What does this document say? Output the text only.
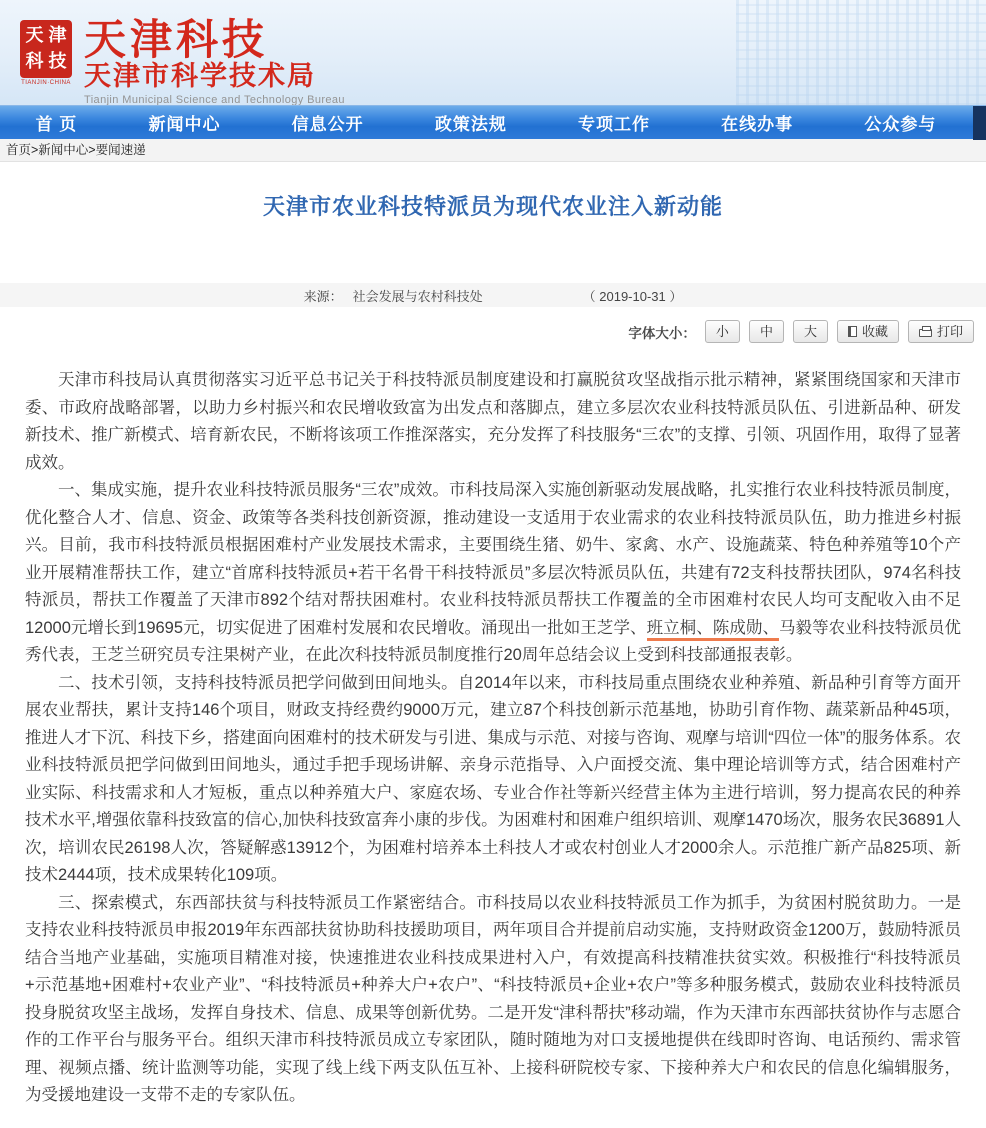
天 津
科 技
TIANJIN·CHINA
天津科技
天津市科学技术局
Tianjin Municipal Science and Technology Bureau
首 页	新闻中心	信息公开	政策法规	专项工作	在线办事	公众参与
首页>新闻中心>要闻速递
天津市农业科技特派员为现代农业注入新动能
来源： 社会发展与农村科技处	（ 2019-10-31 ）
字体大小：	小	中	大	收藏	打印

天津市科技局认真贯彻落实习近平总书记关于科技特派员制度建设和打赢脱贫攻坚战指示批示精神，紧紧围绕国家和天津市委、市政府战略部署，以助力乡村振兴和农民增收致富为出发点和落脚点，建立多层次农业科技特派员队伍、引进新品种、研发新技术、推广新模式、培育新农民，不断将该项工作推深落实，充分发挥了科技服务“三农”的支撑、引领、巩固作用，取得了显著成效。

一、集成实施，提升农业科技特派员服务“三农”成效。市科技局深入实施创新驱动发展战略，扎实推行农业科技特派员制度，优化整合人才、信息、资金、政策等各类科技创新资源，推动建设一支适用于农业需求的农业科技特派员队伍，助力推进乡村振兴。目前，我市科技特派员根据困难村产业发展技术需求，主要围绕生猪、奶牛、家禽、水产、设施蔬菜、特色种养殖等10个产业开展精准帮扶工作，建立“首席科技特派员+若干名骨干科技特派员”多层次特派员队伍，共建有72支科技帮扶团队，974名科技特派员，帮扶工作覆盖了天津市892个结对帮扶困难村。农业科技特派员帮扶工作覆盖的全市困难村农民人均可支配收入由不足12000元增长到19695元，切实促进了困难村发展和农民增收。涌现出一批如王芝学、班立桐、陈成勋、马毅等农业科技特派员优秀代表，王芝兰研究员专注果树产业，在此次科技特派员制度推行20周年总结会议上受到科技部通报表彰。

二、技术引领，支持科技特派员把学问做到田间地头。自2014年以来，市科技局重点围绕农业种养殖、新品种引育等方面开展农业帮扶，累计支持146个项目，财政支持经费约9000万元，建立87个科技创新示范基地，协助引育作物、蔬菜新品种45项，推进人才下沉、科技下乡，搭建面向困难村的技术研发与引进、集成与示范、对接与咨询、观摩与培训“四位一体”的服务体系。农业科技特派员把学问做到田间地头，通过手把手现场讲解、亲身示范指导、入户面授交流、集中理论培训等方式，结合困难村产业实际、科技需求和人才短板，重点以种养殖大户、家庭农场、专业合作社等新兴经营主体为主进行培训，努力提高农民的种养技术水平,增强依靠科技致富的信心,加快科技致富奔小康的步伐。为困难村和困难户组织培训、观摩1470场次，服务农民36891人次，培训农民26198人次，答疑解惑13912个，为困难村培养本土科技人才或农村创业人才2000余人。示范推广新产品825项、新技术2444项，技术成果转化109项。

三、探索模式，东西部扶贫与科技特派员工作紧密结合。市科技局以农业科技特派员工作为抓手，为贫困村脱贫助力。一是支持农业科技特派员申报2019年东西部扶贫协助科技援助项目，两年项目合并提前启动实施，支持财政资金1200万，鼓励特派员结合当地产业基础，实施项目精准对接，快速推进农业科技成果进村入户，有效提高科技精准扶贫实效。积极推行“科技特派员+示范基地+困难村+农业产业”、“科技特派员+种养大户+农户”、“科技特派员+企业+农户”等多种服务模式，鼓励农业科技特派员投身脱贫攻坚主战场，发挥自身技术、信息、成果等创新优势。二是开发“津科帮扶”移动端，作为天津市东西部扶贫协作与志愿合作的工作平台与服务平台。组织天津市科技特派员成立专家团队，随时随地为对口支援地提供在线即时咨询、电话预约、需求管理、视频点播、统计监测等功能，实现了线上线下两支队伍互补、上接科研院校专家、下接种养大户和农民的信息化编辑服务，为受援地建设一支带不走的专家队伍。
